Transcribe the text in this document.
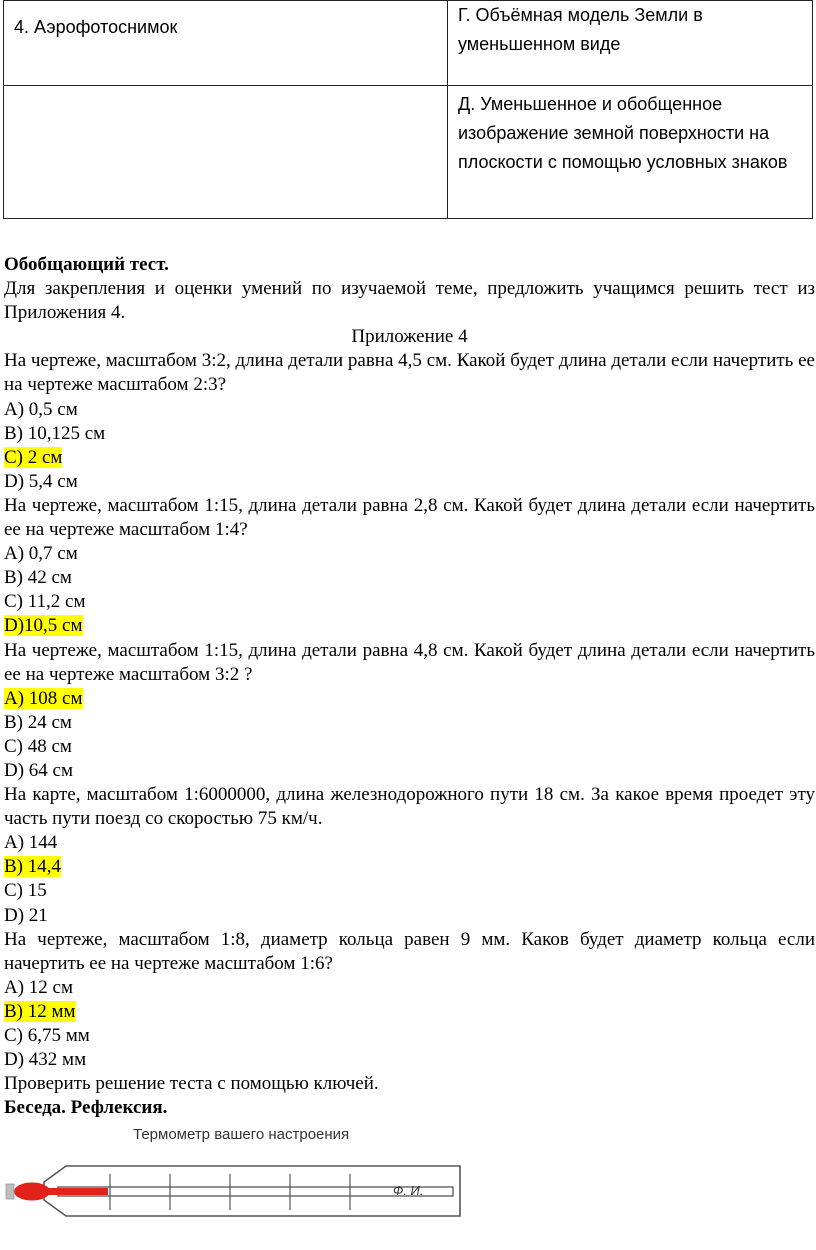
4. Аэрофотоснимок	Г. Объёмная модель Земли в уменьшенном виде
	Д. Уменьшенное и обобщенное изображение земной поверхности на плоскости с помощью условных знаков

Обобщающий тест.

Для закрепления и оценки умений по изучаемой теме, предложить учащимся решить тест из Приложения 4.

Приложение 4

На чертеже, масштабом 3:2, длина детали равна 4,5 см. Какой будет длина детали если начертить ее на чертеже масштабом 2:3?

A) 0,5 см

B) 10,125 см

C) 2 см

D) 5,4 см

На чертеже, масштабом 1:15, длина детали равна 2,8 см. Какой будет длина детали если начертить ее на чертеже масштабом 1:4?

A) 0,7 см

B) 42 см

C) 11,2 см

D)10,5 см

На чертеже, масштабом 1:15, длина детали равна 4,8 см. Какой будет длина детали если начертить ее на чертеже масштабом 3:2 ?

A) 108 см

B) 24 см

C) 48 см

D) 64 см

На карте, масштабом 1:6000000, длина железнодорожного пути 18 см. За какое время проедет эту часть пути поезд со скоростью 75 км/ч.

A) 144

B) 14,4

C) 15

D) 21

На чертеже, масштабом 1:8, диаметр кольца равен 9 мм. Каков будет диаметр кольца если начертить ее на чертеже масштабом 1:6?

A) 12 см

B) 12 мм

C) 6,75 мм

D) 432 мм

Проверить решение теста с помощью ключей.

Беседа. Рефлексия.

Термометр вашего настроения
Ф. И.
